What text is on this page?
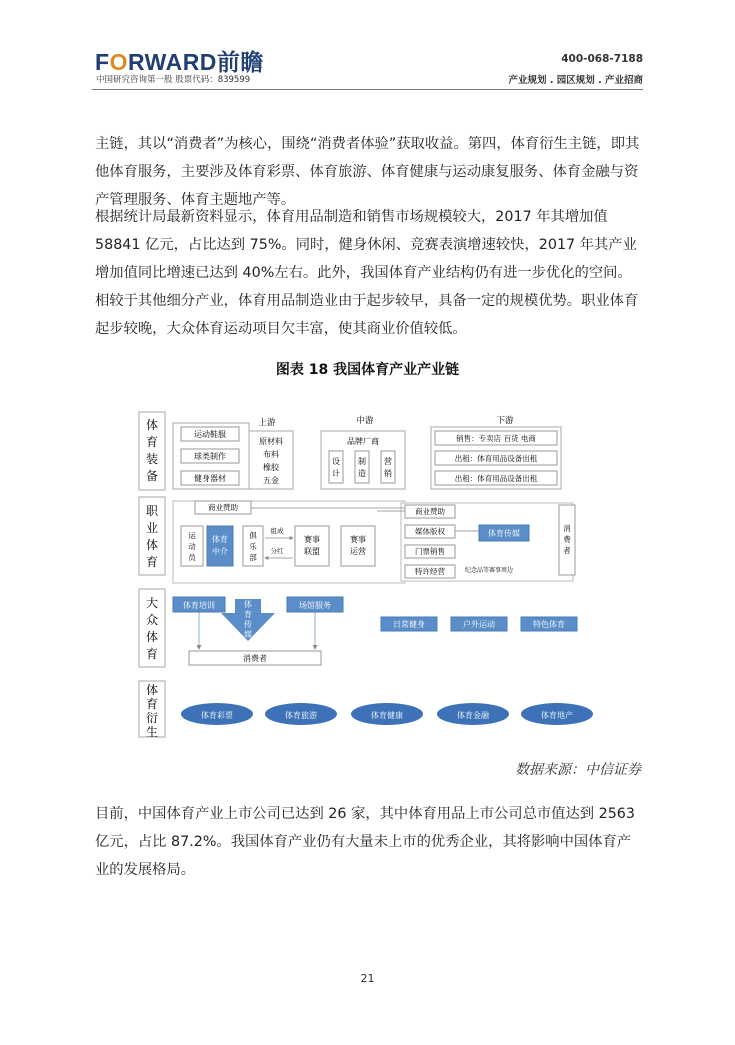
FORWARD前瞻
中国研究咨询第一股 股票代码：839599
400-068-7188
产业规划 . 园区规划 . 产业招商
主链，其以“消费者”为核心，围绕“消费者体验”获取收益。第四，体育衍生主链，即其他体育服务，主要涉及体育彩票、体育旅游、体育健康与运动康复服务、体育金融与资产管理服务、体育主题地产等。
根据统计局最新资料显示，体育用品制造和销售市场规模较大，2017 年其增加值 58841 亿元，占比达到 75%。同时，健身休闲、竞赛表演增速较快，2017 年其产业增加值同比增速已达到 40%左右。此外，我国体育产业结构仍有进一步优化的空间。相较于其他细分产业，体育用品制造业由于起步较早，具备一定的规模优势。职业体育起步较晚，大众体育运动项目欠丰富，使其商业价值较低。
图表 18 我国体育产业产业链
体育装备
职业体育
大众体育
体育衍生
上游	中游	下游
运动鞋服
球类制作
健身器材
原材料布料橡胶五金
品牌厂商
设计
制造
营销
销售：专卖店 百货 电商
出租：体育用品设备出租
出租：体育用品设备出租
商业赞助
运动员
体育中介
俱乐部
组成
分红
赛事联盟
赛事运营
商业赞助
媒体版权
门票销售
特许经营
体育传媒
纪念品等赛事周边
消费者
体育培训	体育传媒
场馆服务
消费者
日常健身	户外运动	特色体育
体育彩票	体育旅游	体育健康	体育金融	体育地产
数据来源：中信证券
目前，中国体育产业上市公司已达到 26 家，其中体育用品上市公司总市值达到 2563 亿元，占比 87.2%。我国体育产业仍有大量未上市的优秀企业，其将影响中国体育产业的发展格局。
21
